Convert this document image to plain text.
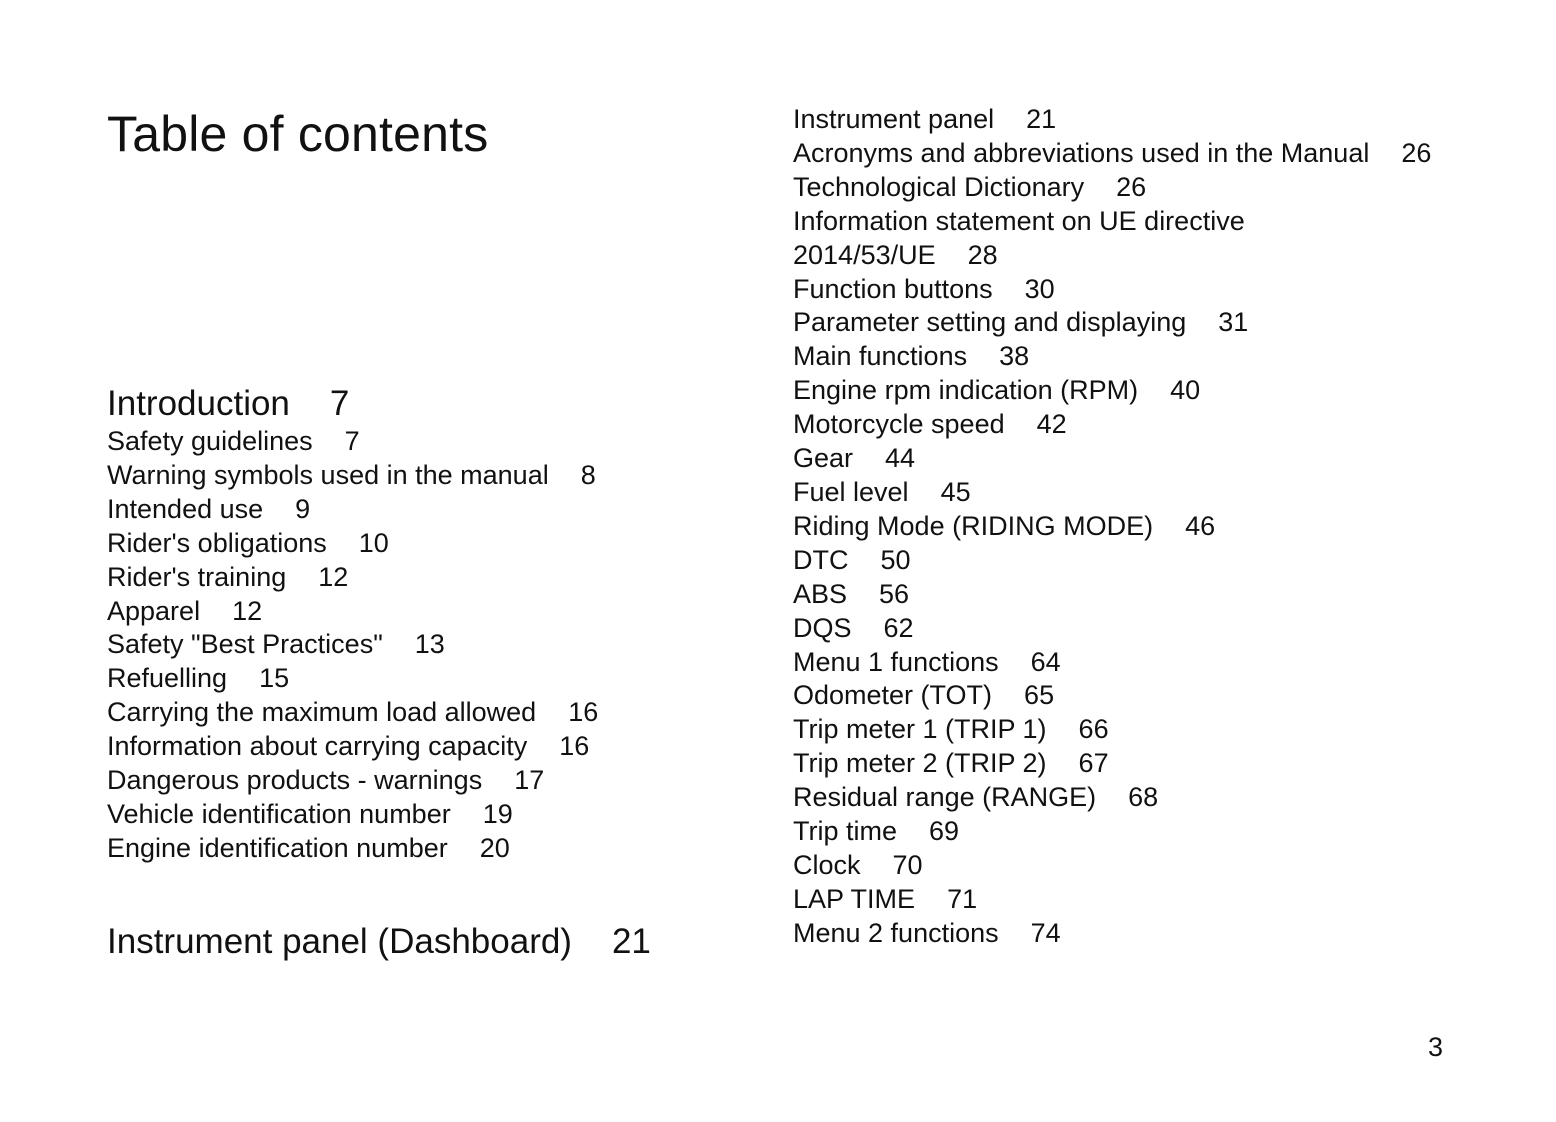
Table of contents
Introduction 7
Safety guidelines 7
Warning symbols used in the manual 8
Intended use 9
Rider's obligations 10
Rider's training 12
Apparel 12
Safety "Best Practices" 13
Refuelling 15
Carrying the maximum load allowed 16
Information about carrying capacity 16
Dangerous products - warnings 17
Vehicle identification number 19
Engine identification number 20
Instrument panel (Dashboard) 21
Instrument panel 21
Acronyms and abbreviations used in the Manual 26
Technological Dictionary 26
Information statement on UE directive 2014/53/UE 28
Function buttons 30
Parameter setting and displaying 31
Main functions 38
Engine rpm indication (RPM) 40
Motorcycle speed 42
Gear 44
Fuel level 45
Riding Mode (RIDING MODE) 46
DTC 50
ABS 56
DQS 62
Menu 1 functions 64
Odometer (TOT) 65
Trip meter 1 (TRIP 1) 66
Trip meter 2 (TRIP 2) 67
Residual range (RANGE) 68
Trip time 69
Clock 70
LAP TIME 71
Menu 2 functions 74
3
